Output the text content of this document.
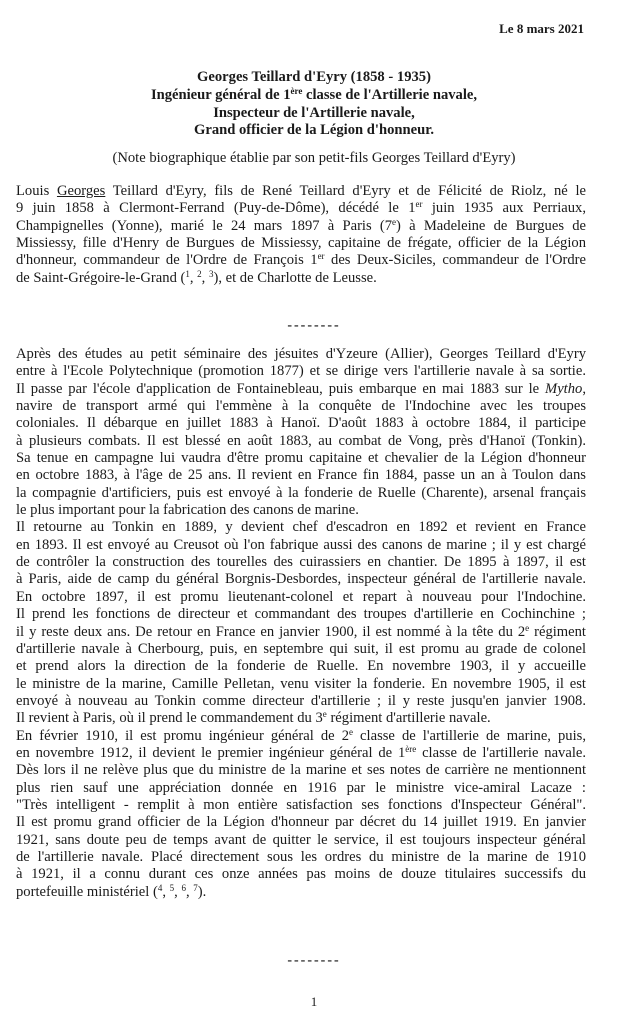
Le 8 mars 2021
Georges Teillard d'Eyry (1858 - 1935)
Ingénieur général de 1ère classe de l'Artillerie navale,
Inspecteur de l'Artillerie navale,
Grand officier de la Légion d'honneur.
(Note biographique établie par son petit-fils Georges Teillard d'Eyry)
Louis Georges Teillard d'Eyry, fils de René Teillard d'Eyry et de Félicité de Riolz, né le
9 juin 1858 à Clermont-Ferrand (Puy-de-Dôme), décédé le 1er juin 1935 aux Perriaux,
Champignelles (Yonne), marié le 24 mars 1897 à Paris (7e) à Madeleine de Burgues de
Missiessy, fille d'Henry de Burgues de Missiessy, capitaine de frégate, officier de la Légion
d'honneur, commandeur de l'Ordre de François 1er des Deux-Siciles, commandeur de l'Ordre
de Saint-Grégoire-le-Grand ($^1$, $^2$, $^3$), et de Charlotte de Leusse.
--------
Après des études au petit séminaire des jésuites d'Yzeure (Allier), Georges Teillard d'Eyry
entre à l'Ecole Polytechnique (promotion 1877) et se dirige vers l'artillerie navale à sa sortie.
Il passe par l'école d'application de Fontainebleau, puis embarque en mai 1883 sur le Mytho,
navire de transport armé qui l'emmène à la conquête de l'Indochine avec les troupes
coloniales. Il débarque en juillet 1883 à Hanoï. D'août 1883 à octobre 1884, il participe
à plusieurs combats. Il est blessé en août 1883, au combat de Vong, près d'Hanoï (Tonkin).
Sa tenue en campagne lui vaudra d'être promu capitaine et chevalier de la Légion d'honneur
en octobre 1883, à l'âge de 25 ans. Il revient en France fin 1884, passe un an à Toulon dans
la compagnie d'artificiers, puis est envoyé à la fonderie de Ruelle (Charente), arsenal français
le plus important pour la fabrication des canons de marine.
Il retourne au Tonkin en 1889, y devient chef d'escadron en 1892 et revient en France
en 1893. Il est envoyé au Creusot où l'on fabrique aussi des canons de marine ; il y est chargé
de contrôler la construction des tourelles des cuirassiers en chantier. De 1895 à 1897, il est
à Paris, aide de camp du général Borgnis-Desbordes, inspecteur général de l'artillerie navale.
En octobre 1897, il est promu lieutenant-colonel et repart à nouveau pour l'Indochine.
Il prend les fonctions de directeur et commandant des troupes d'artillerie en Cochinchine ;
il y reste deux ans. De retour en France en janvier 1900, il est nommé à la tête du 2e régiment
d'artillerie navale à Cherbourg, puis, en septembre qui suit, il est promu au grade de colonel
et prend alors la direction de la fonderie de Ruelle. En novembre 1903, il y accueille
le ministre de la marine, Camille Pelletan, venu visiter la fonderie. En novembre 1905, il est
envoyé à nouveau au Tonkin comme directeur d'artillerie ; il y reste jusqu'en janvier 1908.
Il revient à Paris, où il prend le commandement du 3e régiment d'artillerie navale.
En février 1910, il est promu ingénieur général de 2e classe de l'artillerie de marine, puis,
en novembre 1912, il devient le premier ingénieur général de 1ère classe de l'artillerie navale.
Dès lors il ne relève plus que du ministre de la marine et ses notes de carrière ne mentionnent
plus rien sauf une appréciation donnée en 1916 par le ministre vice-amiral Lacaze :
"Très intelligent - remplit à mon entière satisfaction ses fonctions d'Inspecteur Général".
Il est promu grand officier de la Légion d'honneur par décret du 14 juillet 1919. En janvier
1921, sans doute peu de temps avant de quitter le service, il est toujours inspecteur général
de l'artillerie navale. Placé directement sous les ordres du ministre de la marine de 1910
à 1921, il a connu durant ces onze années pas moins de douze titulaires successifs du
portefeuille ministériel ($^4$, $^5$, $^6$, $^7$).
--------
1
